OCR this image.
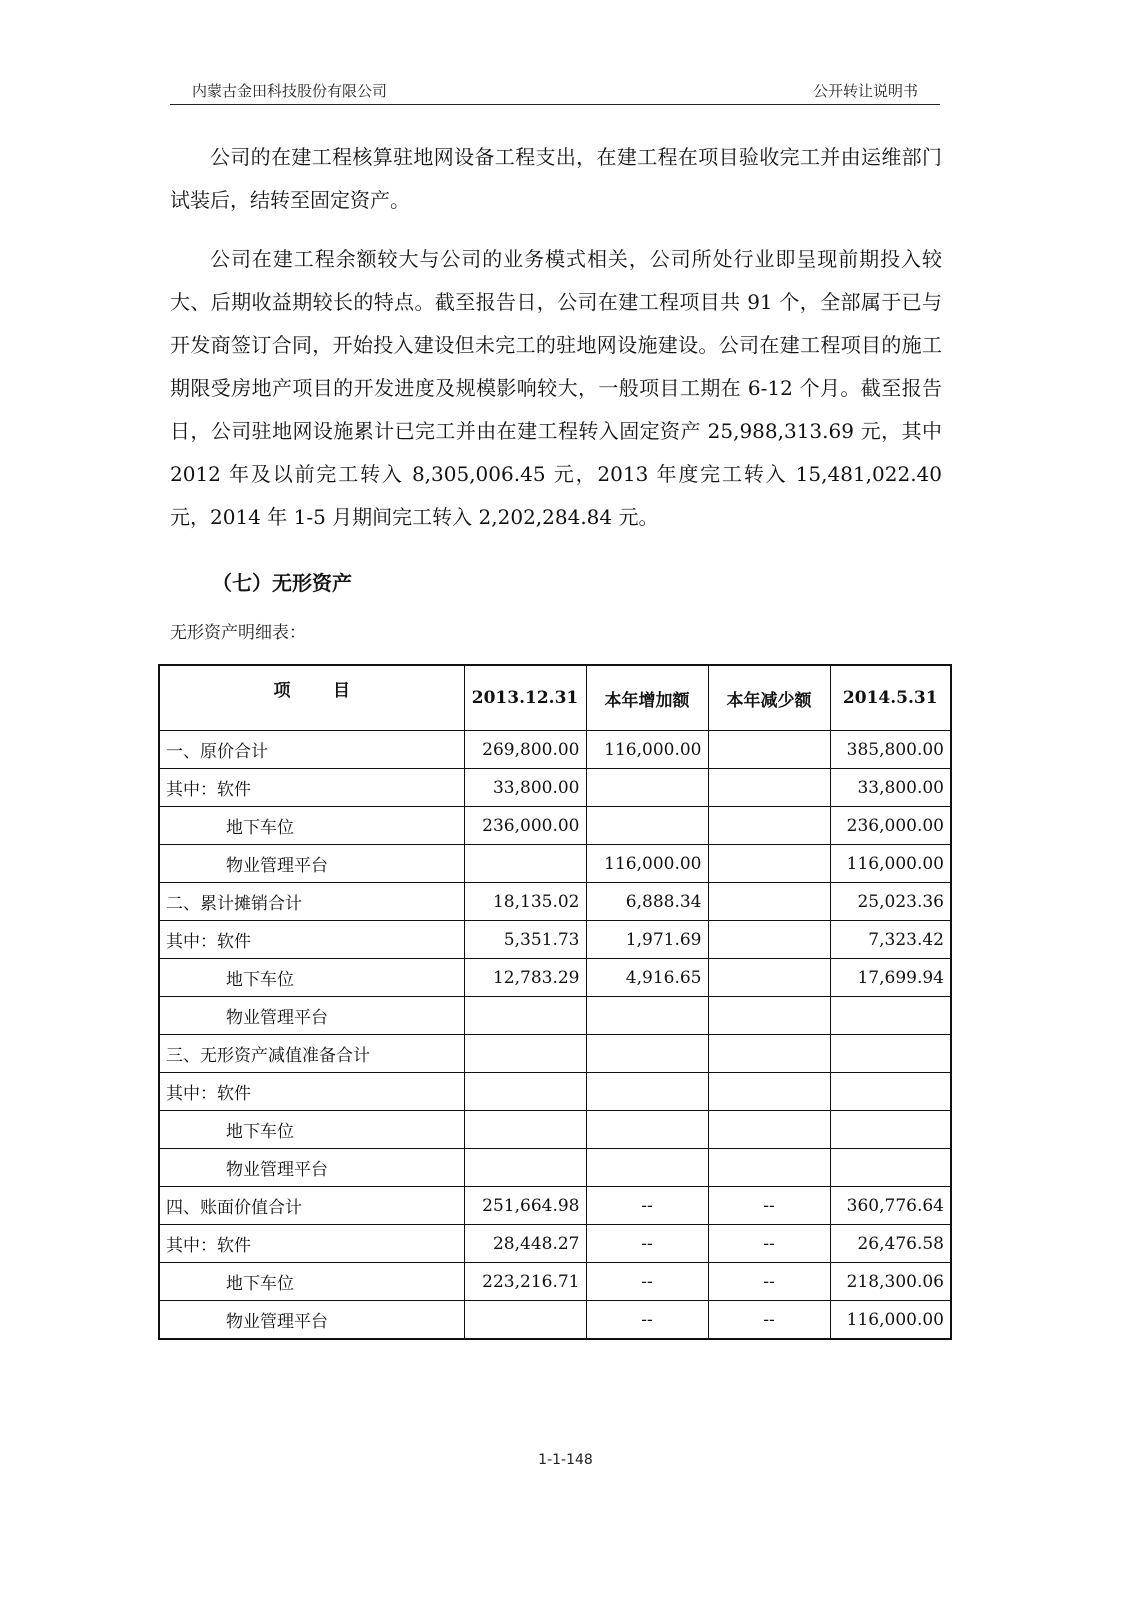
内蒙古金田科技股份有限公司	公开转让说明书

公司的在建工程核算驻地网设备工程支出，在建工程在项目验收完工并由运维部门试装后，结转至固定资产。

公司在建工程余额较大与公司的业务模式相关，公司所处行业即呈现前期投入较大、后期收益期较长的特点。截至报告日，公司在建工程项目共 91 个，全部属于已与开发商签订合同，开始投入建设但未完工的驻地网设施建设。公司在建工程项目的施工期限受房地产项目的开发进度及规模影响较大，一般项目工期在 6-12 个月。截至报告日，公司驻地网设施累计已完工并由在建工程转入固定资产 25,988,313.69 元，其中 2012 年及以前完工转入 8,305,006.45 元，2013 年度完工转入 15,481,022.40 元，2014 年 1-5 月期间完工转入 2,202,284.84 元。

（七）无形资产
无形资产明细表：
项目	2013.12.31	本年增加额	本年减少额	2014.5.31
一、原价合计	269,800.00	116,000.00		385,800.00
其中：软件	33,800.00			33,800.00
地下车位	236,000.00			236,000.00
物业管理平台		116,000.00		116,000.00
二、累计摊销合计	18,135.02	6,888.34		25,023.36
其中：软件	5,351.73	1,971.69		7,323.42
地下车位	12,783.29	4,916.65		17,699.94
物业管理平台				
三、无形资产减值准备合计				
其中：软件				
地下车位				
物业管理平台				
四、账面价值合计	251,664.98	--	--	360,776.64
其中：软件	28,448.27	--	--	26,476.58
地下车位	223,216.71	--	--	218,300.06
物业管理平台		--	--	116,000.00
1-1-148
